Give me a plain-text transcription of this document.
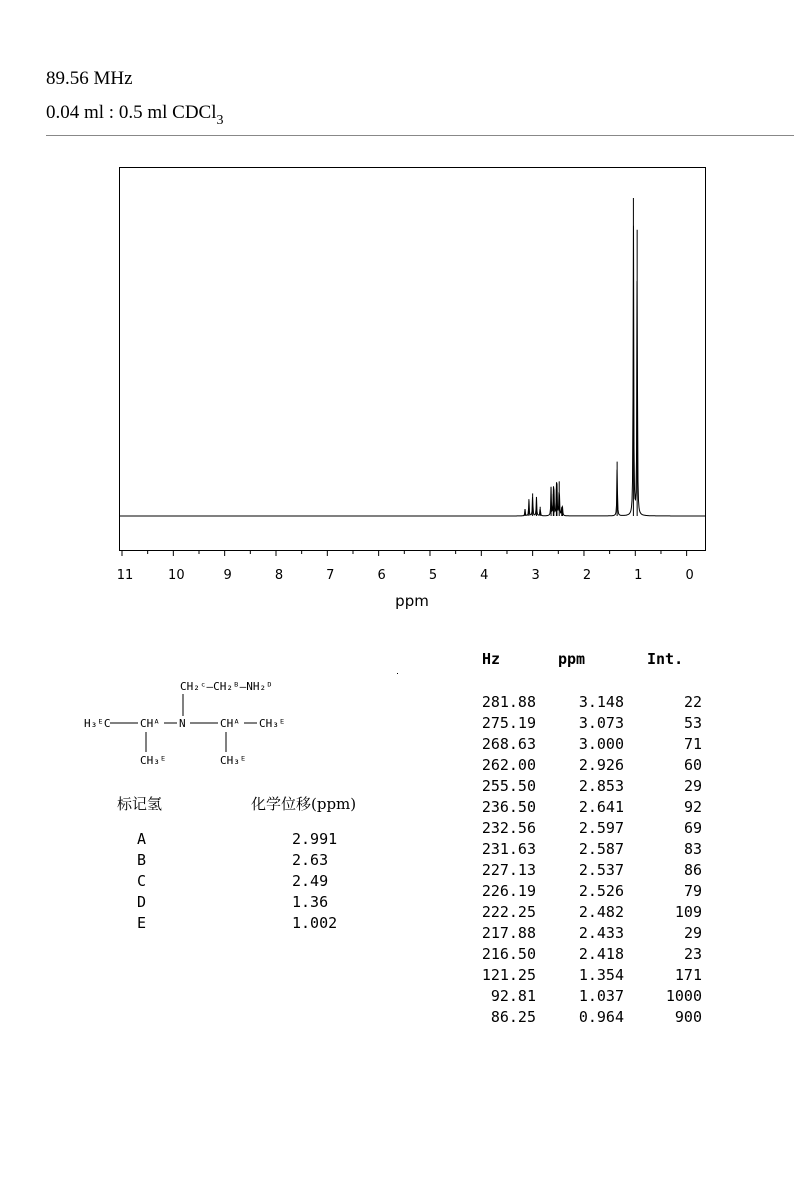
89.56 MHz
0.04 ml : 0.5 ml CDCl$_3$
11	10	9	8	7	6	5	4	3	2	1	0
ppm
CH₂ᶜ—CH₂ᴮ—NH₂ᴰ
H₃ᴱC	CHᴬ N	CHᴬ CH₃ᴱ
CH₃ᴱ	CH₃ᴱ
标记氢	化学位移(ppm)
A	2.991
B	2.63
C	2.49
D	1.36
E	1.002
Hz	ppm	Int.
281.88	3.148	22
275.19	3.073	53
268.63	3.000	71
262.00	2.926	60
255.50	2.853	29
236.50	2.641	92
232.56	2.597	69
231.63	2.587	83
227.13	2.537	86
226.19	2.526	79
222.25	2.482	109
217.88	2.433	29
216.50	2.418	23
121.25	1.354	171
92.81	1.037	1000
86.25	0.964	900
